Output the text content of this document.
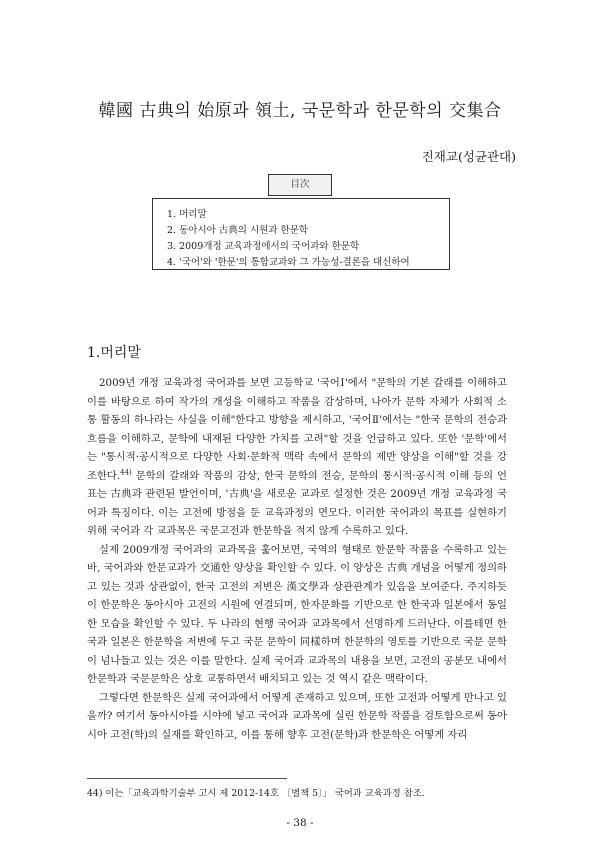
韓國 古典의 始原과 領土, 국문학과 한문학의 交集合
진재교(성균관대)
目次
1. 머리말
2. 동아시아 古典의 시원과 한문학
3. 2009개정 교육과정에서의 국어과와 한문학
4. '국어'와 '한문'의 통합교과와 그 가능성-결론을 대신하여
1.머리말

2009년 개정 교육과정 국어과를 보면 고등학교 '국어Ⅰ'에서 "문학의 기본 갈래를 이해하고 이를 바탕으로 하여 작가의 개성을 이해하고 작품을 감상하며, 나아가 문학 자체가 사회적 소통 활동의 하나라는 사실을 이해"한다고 방향을 제시하고, '국어Ⅱ'에서는 "한국 문학의 전승과 흐름을 이해하고, 문학에 내재된 다양한 가치를 고려"할 것을 언급하고 있다. 또한 '문학'에서는 "통시적·공시적으로 다양한 사회·문화적 맥락 속에서 문학의 제반 양상을 이해"할 것을 강조한다.$^{44)}$ 문학의 갈래와 작품의 감상, 한국 문학의 전승, 문학의 통시적·공시적 이해 등의 언표는 古典과 관련된 발언이며, '古典'을 새로운 교과로 설정한 것은 2009년 개정 교육과정 국어과 특징이다. 이는 고전에 방점을 둔 교육과정의 면모다. 이러한 국어과의 목표를 실현하기 위해 국어과 각 교과목은 국문고전과 한문학을 적지 않게 수록하고 있다.

실제 2009개정 국어과의 교과목을 훑어보면, 국역의 형태로 한문학 작품을 수록하고 있는 바, 국어과와 한문교과가 交通한 양상을 확인할 수 있다. 이 양상은 古典 개념을 어떻게 정의하고 있는 것과 상관없이, 한국 고전의 저변은 漢文學과 상관관계가 있음을 보여준다. 주지하듯이 한문학은 동아시아 고전의 시원에 연결되며, 한자문화를 기반으로 한 한국과 일본에서 동일한 모습을 확인할 수 있다. 두 나라의 현행 국어과 교과목에서 선명하게 드러난다. 이를테면 한국과 일본은 한문학을 저변에 두고 국문 문학이 同樣하며 한문학의 영토를 기반으로 국문 문학이 넘나들고 있는 것은 이를 말한다. 실제 국어과 교과목의 내용을 보면, 고전의 공분모 내에서 한문학과 국문문학은 상호 교통하면서 배치되고 있는 것 역시 같은 맥락이다.

그렇다면 한문학은 실제 국어과에서 어떻게 존재하고 있으며, 또한 고전과 어떻게 만나고 있을까? 여기서 동아시아를 시야에 넣고 국어과 교과목에 실린 한문학 작품을 검토함으로써 동아시아 고전(학)의 실재를 확인하고, 이를 통해 향후 고전(문학)과 한문학은 어떻게 자리

44) 이는「교육과학기술부 고시 제 2012-14호 〔별책 5〕」 국어과 교육과정 참조.
- 38 -
